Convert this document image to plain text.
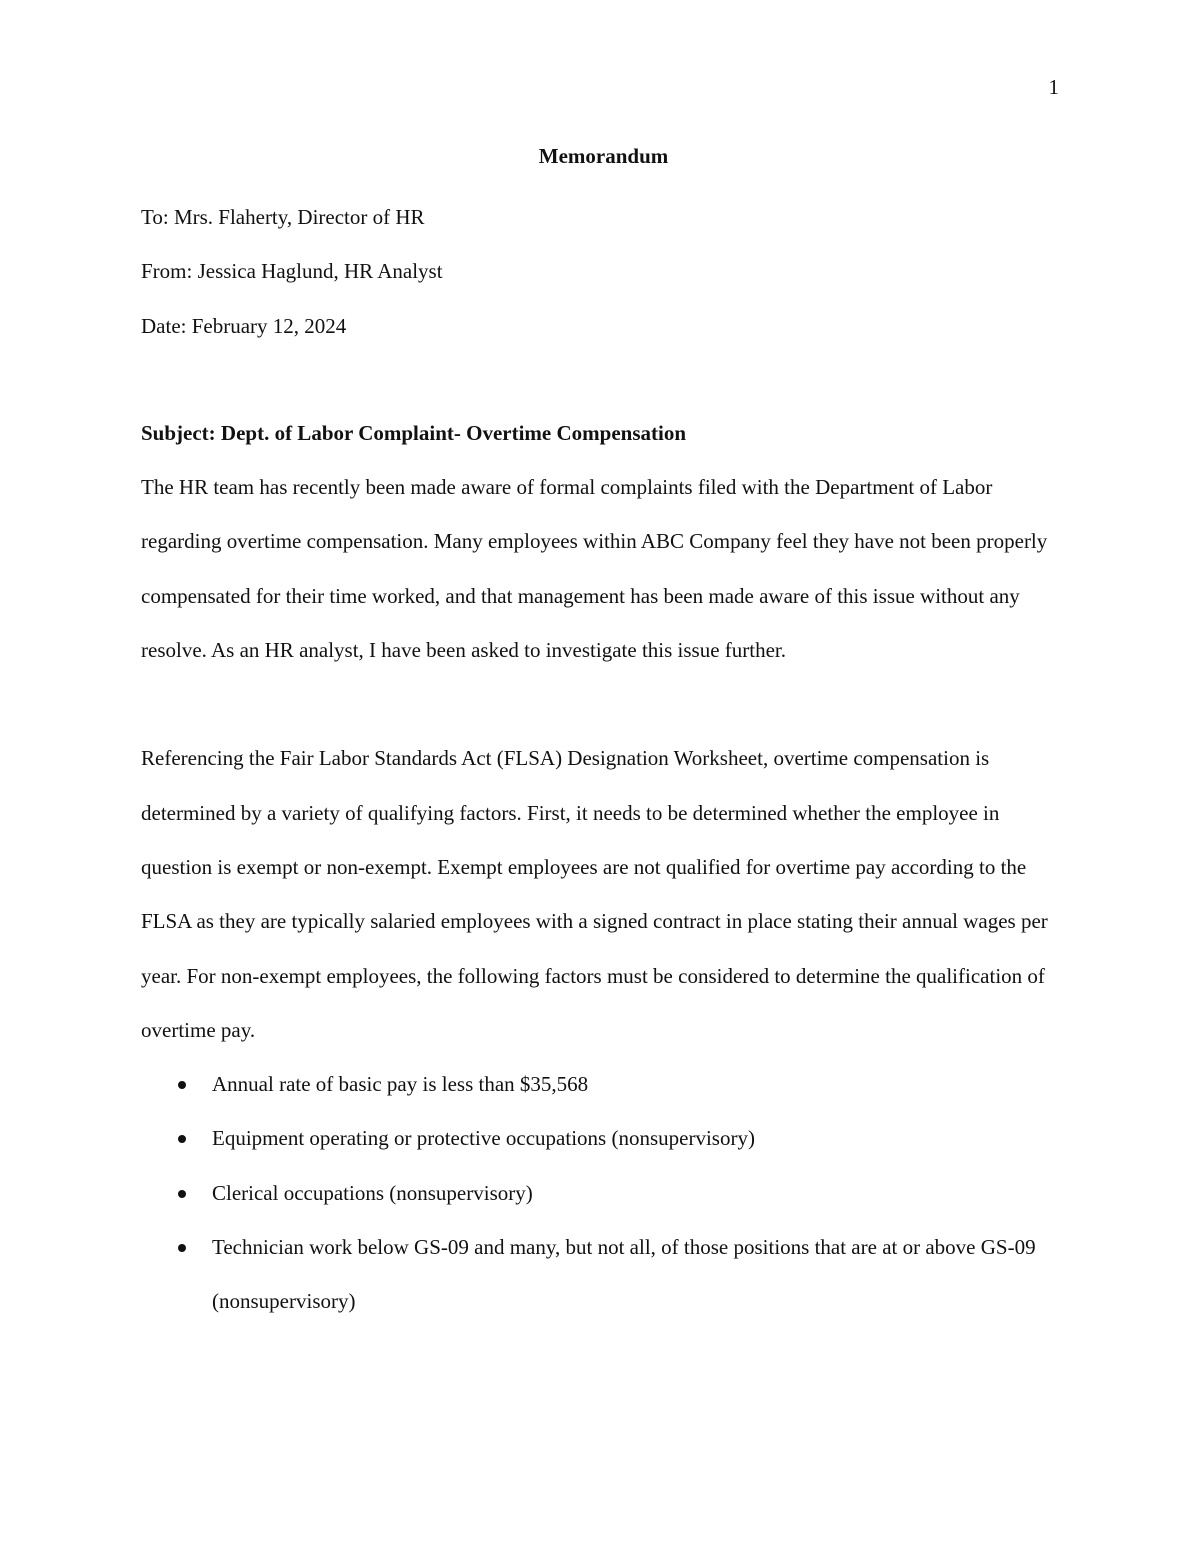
1

Memorandum

To: Mrs. Flaherty, Director of HR

From: Jessica Haglund, HR Analyst

Date: February 12, 2024

Subject: Dept. of Labor Complaint- Overtime Compensation

The HR team has recently been made aware of formal complaints filed with the Department of Labor regarding overtime compensation. Many employees within ABC Company feel they have not been properly compensated for their time worked, and that management has been made aware of this issue without any resolve. As an HR analyst, I have been asked to investigate this issue further.

Referencing the Fair Labor Standards Act (FLSA) Designation Worksheet, overtime compensation is determined by a variety of qualifying factors. First, it needs to be determined whether the employee in question is exempt or non-exempt. Exempt employees are not qualified for overtime pay according to the FLSA as they are typically salaried employees with a signed contract in place stating their annual wages per year. For non-exempt employees, the following factors must be considered to determine the qualification of overtime pay.

Annual rate of basic pay is less than $35,568
Equipment operating or protective occupations (nonsupervisory)
Clerical occupations (nonsupervisory)
Technician work below GS-09 and many, but not all, of those positions that are at or above GS-09 (nonsupervisory)
